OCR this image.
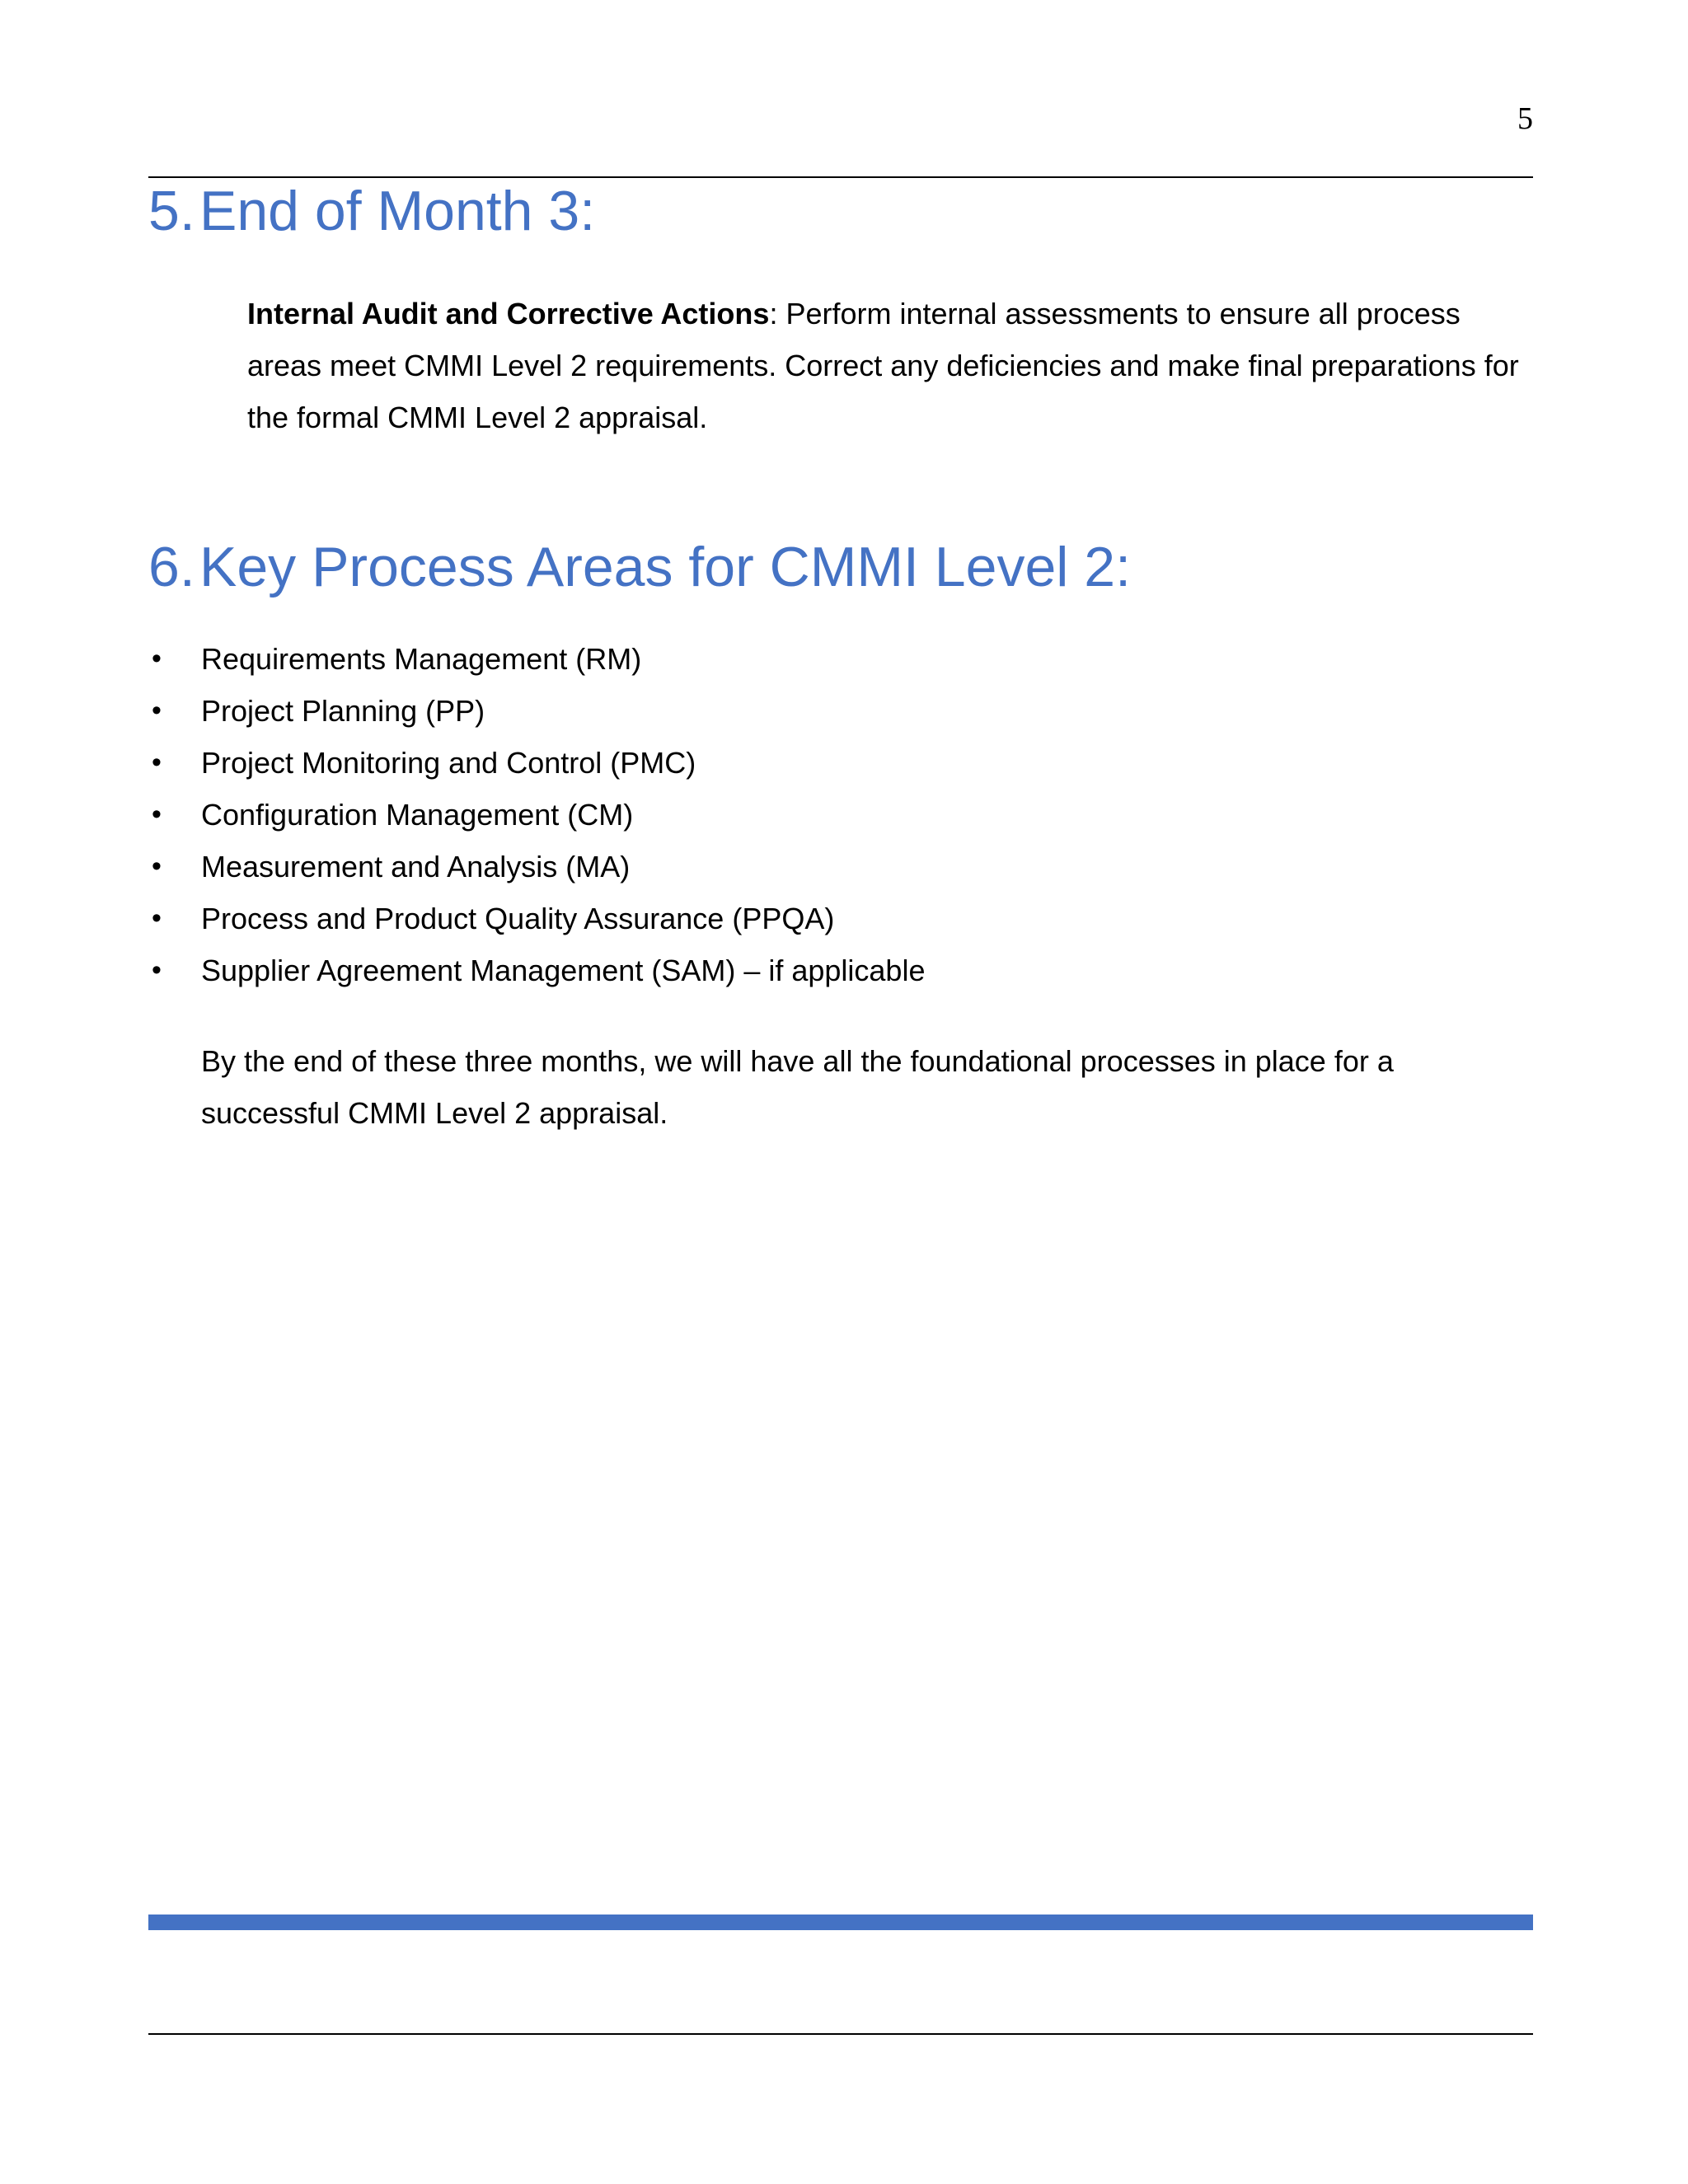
5
5.End of Month 3:

Internal Audit and Corrective Actions: Perform internal assessments to ensure all process areas meet CMMI Level 2 requirements. Correct any deficiencies and make final preparations for the formal CMMI Level 2 appraisal.

6.Key Process Areas for CMMI Level 2:
• Requirements Management (RM)
• Project Planning (PP)
• Project Monitoring and Control (PMC)
• Configuration Management (CM)
• Measurement and Analysis (MA)
• Process and Product Quality Assurance (PPQA)
• Supplier Agreement Management (SAM) – if applicable

By the end of these three months, we will have all the foundational processes in place for a successful CMMI Level 2 appraisal.
